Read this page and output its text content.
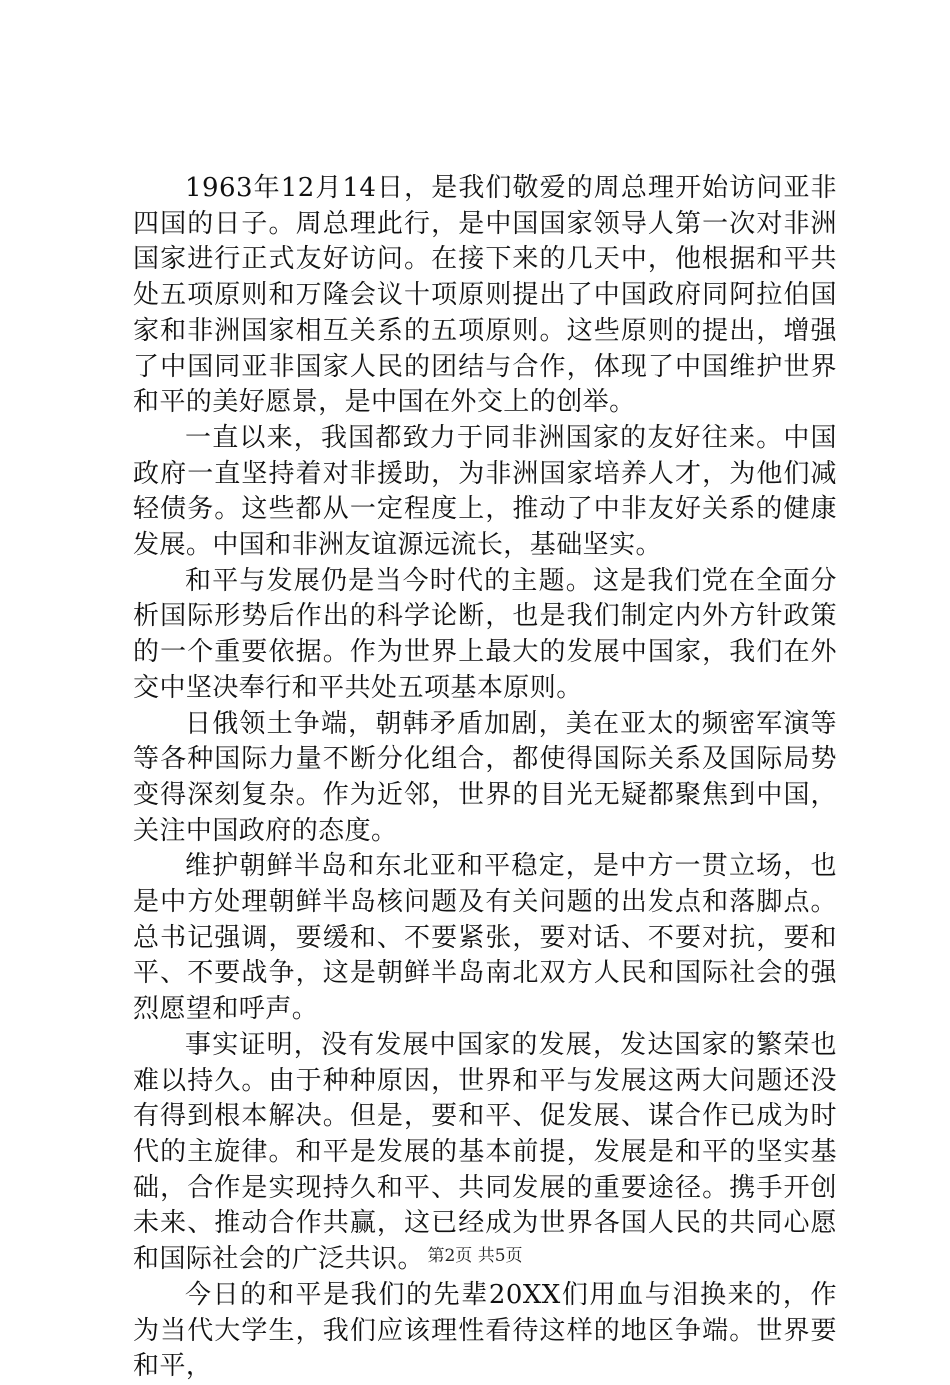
1963年12月14日，是我们敬爱的周总理开始访问亚非四国的日子。周总理此行，是中国国家领导人第一次对非洲国家进行正式友好访问。在接下来的几天中，他根据和平共处五项原则和万隆会议十项原则提出了中国政府同阿拉伯国家和非洲国家相互关系的五项原则。这些原则的提出，增强了中国同亚非国家人民的团结与合作，体现了中国维护世界和平的美好愿景，是中国在外交上的创举。

一直以来，我国都致力于同非洲国家的友好往来。中国政府一直坚持着对非援助，为非洲国家培养人才，为他们减轻债务。这些都从一定程度上，推动了中非友好关系的健康发展。中国和非洲友谊源远流长，基础坚实。

和平与发展仍是当今时代的主题。这是我们党在全面分析国际形势后作出的科学论断，也是我们制定内外方针政策的一个重要依据。作为世界上最大的发展中国家，我们在外交中坚决奉行和平共处五项基本原则。

日俄领土争端，朝韩矛盾加剧，美在亚太的频密军演等等各种国际力量不断分化组合，都使得国际关系及国际局势变得深刻复杂。作为近邻，世界的目光无疑都聚焦到中国，关注中国政府的态度。

维护朝鲜半岛和东北亚和平稳定，是中方一贯立场，也是中方处理朝鲜半岛核问题及有关问题的出发点和落脚点。总书记强调，要缓和、不要紧张，要对话、不要对抗，要和平、不要战争，这是朝鲜半岛南北双方人民和国际社会的强烈愿望和呼声。

事实证明，没有发展中国家的发展，发达国家的繁荣也难以持久。由于种种原因，世界和平与发展这两大问题还没有得到根本解决。但是，要和平、促发展、谋合作已成为时代的主旋律。和平是发展的基本前提，发展是和平的坚实基础，合作是实现持久和平、共同发展的重要途径。携手开创未来、推动合作共赢，这已经成为世界各国人民的共同心愿和国际社会的广泛共识。

今日的和平是我们的先辈20XX们用血与泪换来的，作为当代大学生，我们应该理性看待这样的地区争端。世界要和平，

第2页 共5页
